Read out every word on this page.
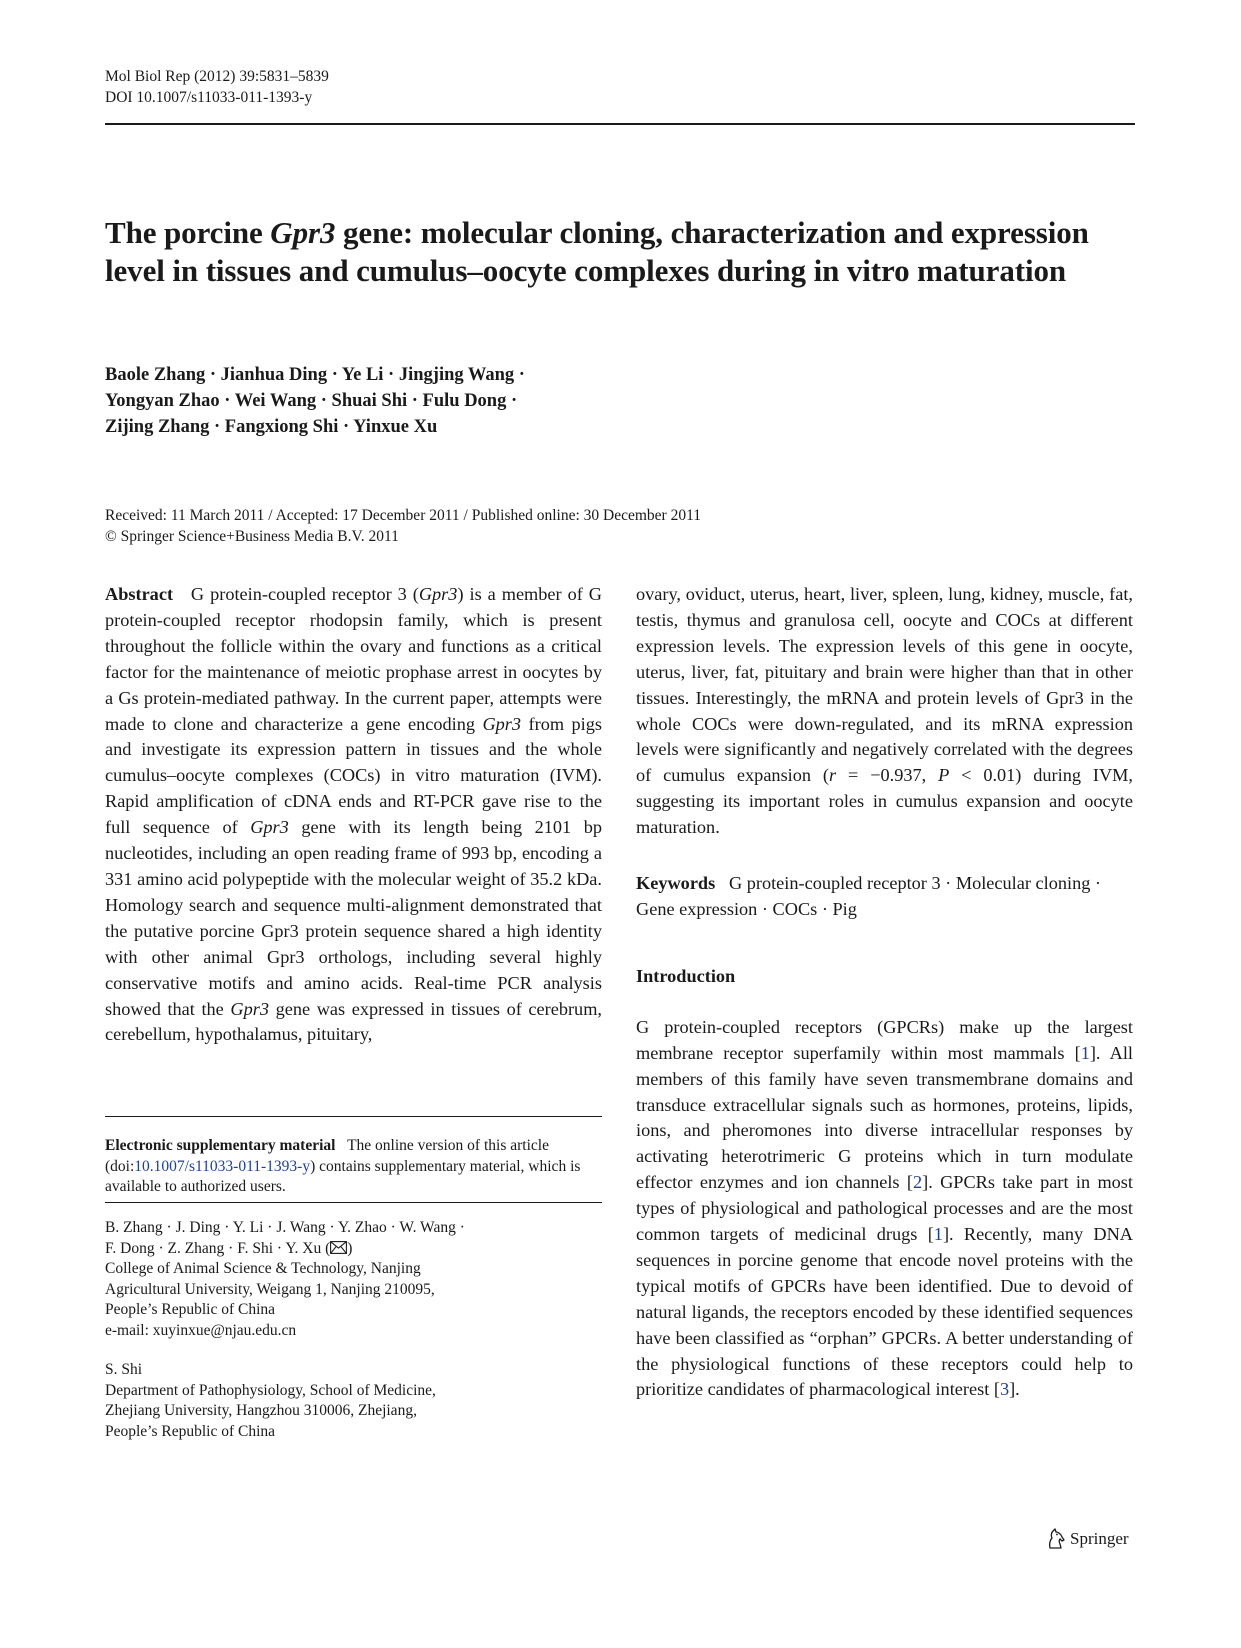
Mol Biol Rep (2012) 39:5831–5839
DOI 10.1007/s11033-011-1393-y
The porcine Gpr3 gene: molecular cloning, characterization and expression level in tissues and cumulus–oocyte complexes during in vitro maturation
Baole Zhang · Jianhua Ding · Ye Li · Jingjing Wang ·
Yongyan Zhao · Wei Wang · Shuai Shi · Fulu Dong ·
Zijing Zhang · Fangxiong Shi · Yinxue Xu
Received: 11 March 2011 / Accepted: 17 December 2011 / Published online: 30 December 2011
© Springer Science+Business Media B.V. 2011

Abstract G protein-coupled receptor 3 (Gpr3) is a member of G protein-coupled receptor rhodopsin family, which is present throughout the follicle within the ovary and functions as a critical factor for the maintenance of meiotic prophase arrest in oocytes by a Gs protein-mediated pathway. In the current paper, attempts were made to clone and characterize a gene encoding Gpr3 from pigs and investigate its expression pattern in tissues and the whole cumulus–oocyte complexes (COCs) in vitro maturation (IVM). Rapid amplification of cDNA ends and RT-PCR gave rise to the full sequence of Gpr3 gene with its length being 2101 bp nucleotides, including an open reading frame of 993 bp, encoding a 331 amino acid polypeptide with the molecular weight of 35.2 kDa. Homology search and sequence multi-alignment demonstrated that the putative porcine Gpr3 protein sequence shared a high identity with other animal Gpr3 orthologs, including several highly conservative motifs and amino acids. Real-time PCR analysis showed that the Gpr3 gene was expressed in tissues of cerebrum, cerebellum, hypothalamus, pituitary,

ovary, oviduct, uterus, heart, liver, spleen, lung, kidney, muscle, fat, testis, thymus and granulosa cell, oocyte and COCs at different expression levels. The expression levels of this gene in oocyte, uterus, liver, fat, pituitary and brain were higher than that in other tissues. Interestingly, the mRNA and protein levels of Gpr3 in the whole COCs were down-regulated, and its mRNA expression levels were significantly and negatively correlated with the degrees of cumulus expansion (r = −0.937, P < 0.01) during IVM, suggesting its important roles in cumulus expansion and oocyte maturation.

Keywords G protein-coupled receptor 3 · Molecular cloning · Gene expression · COCs · Pig

Introduction

G protein-coupled receptors (GPCRs) make up the largest membrane receptor superfamily within most mammals [1]. All members of this family have seven transmembrane domains and transduce extracellular signals such as hormones, proteins, lipids, ions, and pheromones into diverse intracellular responses by activating heterotrimeric G proteins which in turn modulate effector enzymes and ion channels [2]. GPCRs take part in most types of physiological and pathological processes and are the most common targets of medicinal drugs [1]. Recently, many DNA sequences in porcine genome that encode novel proteins with the typical motifs of GPCRs have been identified. Due to devoid of natural ligands, the receptors encoded by these identified sequences have been classified as “orphan” GPCRs. A better understanding of the physiological functions of these receptors could help to prioritize candidates of pharmacological interest [3].

Electronic supplementary material The online version of this article (doi:10.1007/s11033-011-1393-y) contains supplementary material, which is available to authorized users.

B. Zhang · J. Ding · Y. Li · J. Wang · Y. Zhao · W. Wang ·

F. Dong · Z. Zhang · F. Shi · Y. Xu ( )

College of Animal Science & Technology, Nanjing

Agricultural University, Weigang 1, Nanjing 210095,

People’s Republic of China

e-mail: xuyinxue@njau.edu.cn

S. Shi

Department of Pathophysiology, School of Medicine,

Zhejiang University, Hangzhou 310006, Zhejiang,

People’s Republic of China

Springer
